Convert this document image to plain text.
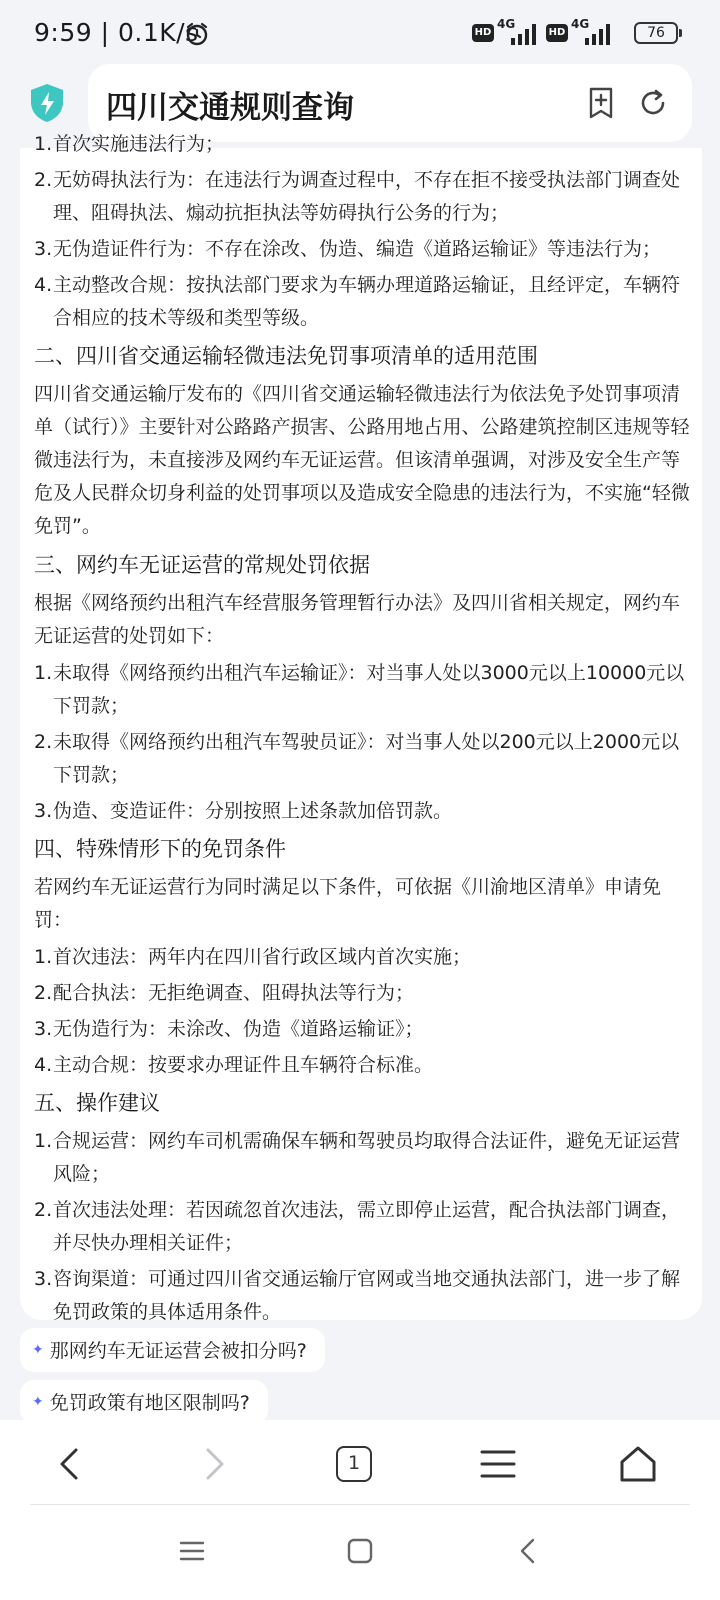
9:59 | 0.1K/s	HD
4G
HD
4G
76
四川交通规则查询
1. 首次实施违法行为；
2. 无妨碍执法行为：在违法行为调查过程中，不存在拒不接受执法部门调查处理、阻碍执法、煽动抗拒执法等妨碍执行公务的行为；
3. 无伪造证件行为：不存在涂改、伪造、编造《道路运输证》等违法行为；
4. 主动整改合规：按执法部门要求为车辆办理道路运输证，且经评定，车辆符合相应的技术等级和类型等级。
二、四川省交通运输轻微违法免罚事项清单的适用范围
四川省交通运输厅发布的《四川省交通运输轻微违法行为依法免予处罚事项清单（试行）》主要针对公路路产损害、公路用地占用、公路建筑控制区违规等轻微违法行为，未直接涉及网约车无证运营。但该清单强调，对涉及安全生产等危及人民群众切身利益的处罚事项以及造成安全隐患的违法行为，不实施“轻微免罚”。
三、网约车无证运营的常规处罚依据
根据《网络预约出租汽车经营服务管理暂行办法》及四川省相关规定，网约车无证运营的处罚如下：
1. 未取得《网络预约出租汽车运输证》：对当事人处以3000元以上10000元以下罚款；
2. 未取得《网络预约出租汽车驾驶员证》：对当事人处以200元以上2000元以下罚款；
3. 伪造、变造证件：分别按照上述条款加倍罚款。
四、特殊情形下的免罚条件
若网约车无证运营行为同时满足以下条件，可依据《川渝地区清单》申请免罚：
1. 首次违法：两年内在四川省行政区域内首次实施；
2. 配合执法：无拒绝调查、阻碍执法等行为；
3. 无伪造行为：未涂改、伪造《道路运输证》；
4. 主动合规：按要求办理证件且车辆符合标准。
五、操作建议
1. 合规运营：网约车司机需确保车辆和驾驶员均取得合法证件，避免无证运营风险；
2. 首次违法处理：若因疏忽首次违法，需立即停止运营，配合执法部门调查，并尽快办理相关证件；
3. 咨询渠道：可通过四川省交通运输厅官网或当地交通执法部门，进一步了解免罚政策的具体适用条件。
✦ 那网约车无证运营会被扣分吗?
✦ 免罚政策有地区限制吗?
1
